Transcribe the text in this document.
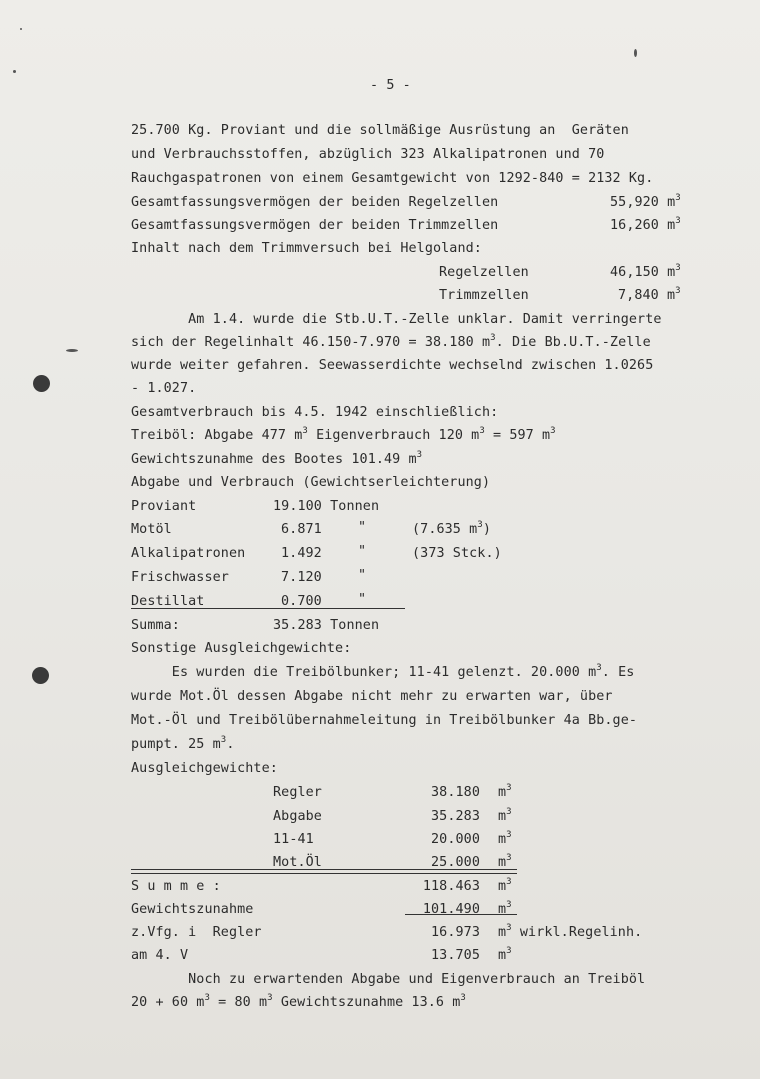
- 5 -
25.700 Kg. Proviant und die sollmäßige Ausrüstung an  Geräten
und Verbrauchsstoffen, abzüglich 323 Alkalipatronen und 70
Rauchgaspatronen von einem Gesamtgewicht von 1292-840 = 2132 Kg.
Gesamtfassungsvermögen der beiden Regelzellen	55,920 $m^3$
Gesamtfassungsvermögen der beiden Trimmzellen	16,260 $m^3$
Inhalt nach dem Trimmversuch bei Helgoland:
Regelzellen	46,150 $m^3$
Trimmzellen	7,840 $m^3$
Am 1.4. wurde die Stb.U.T.-Zelle unklar. Damit verringerte
sich der Regelinhalt 46.150-7.970 = 38.180 $m^3$. Die Bb.U.T.-Zelle
wurde weiter gefahren. Seewasserdichte wechselnd zwischen 1.0265
- 1.027.
Gesamtverbrauch bis 4.5. 1942 einschließlich:
Treiböl: Abgabe 477 $m^3$ Eigenverbrauch 120 $m^3 = 597$ $m^3$
Gewichtszunahme des Bootes 101.49 $m^3$
Abgabe und Verbrauch (Gewichtserleichterung)
Proviant	19.100 Tonnen
Motöl	6.871	"	(7.635 $m^3$)
Alkalipatronen	1.492	"	(373 Stck.)
Frischwasser	7.120	"
Destillat	0.700	"
Summa:	35.283 Tonnen
Sonstige Ausgleichgewichte:
Es wurden die Treibölbunker; 11-41 gelenzt. 20.000 $m^3$. Es
wurde Mot.Öl dessen Abgabe nicht mehr zu erwarten war, über
Mot.-Öl und Treibölübernahmeleitung in Treibölbunker 4a Bb.ge-
pumpt. 25 $m^3$.
Ausgleichgewichte:
Regler	38.180 $m^3$
Abgabe	35.283 $m^3$
11-41	20.000 $m^3$
Mot.Öl	25.000 $m^3$
S u m m e :	118.463 $m^3$
Gewichtszunahme	101.490 $m^3$
z.Vfg. i  Regler	16.973 $m^3$ wirkl.Regelinh.
am 4. V	13.705 $m^3$
Noch zu erwartenden Abgabe und Eigenverbrauch an Treiböl
20 + 60 $m^3 = 80$ $m^3$ Gewichtszunahme 13.6 $m^3$
